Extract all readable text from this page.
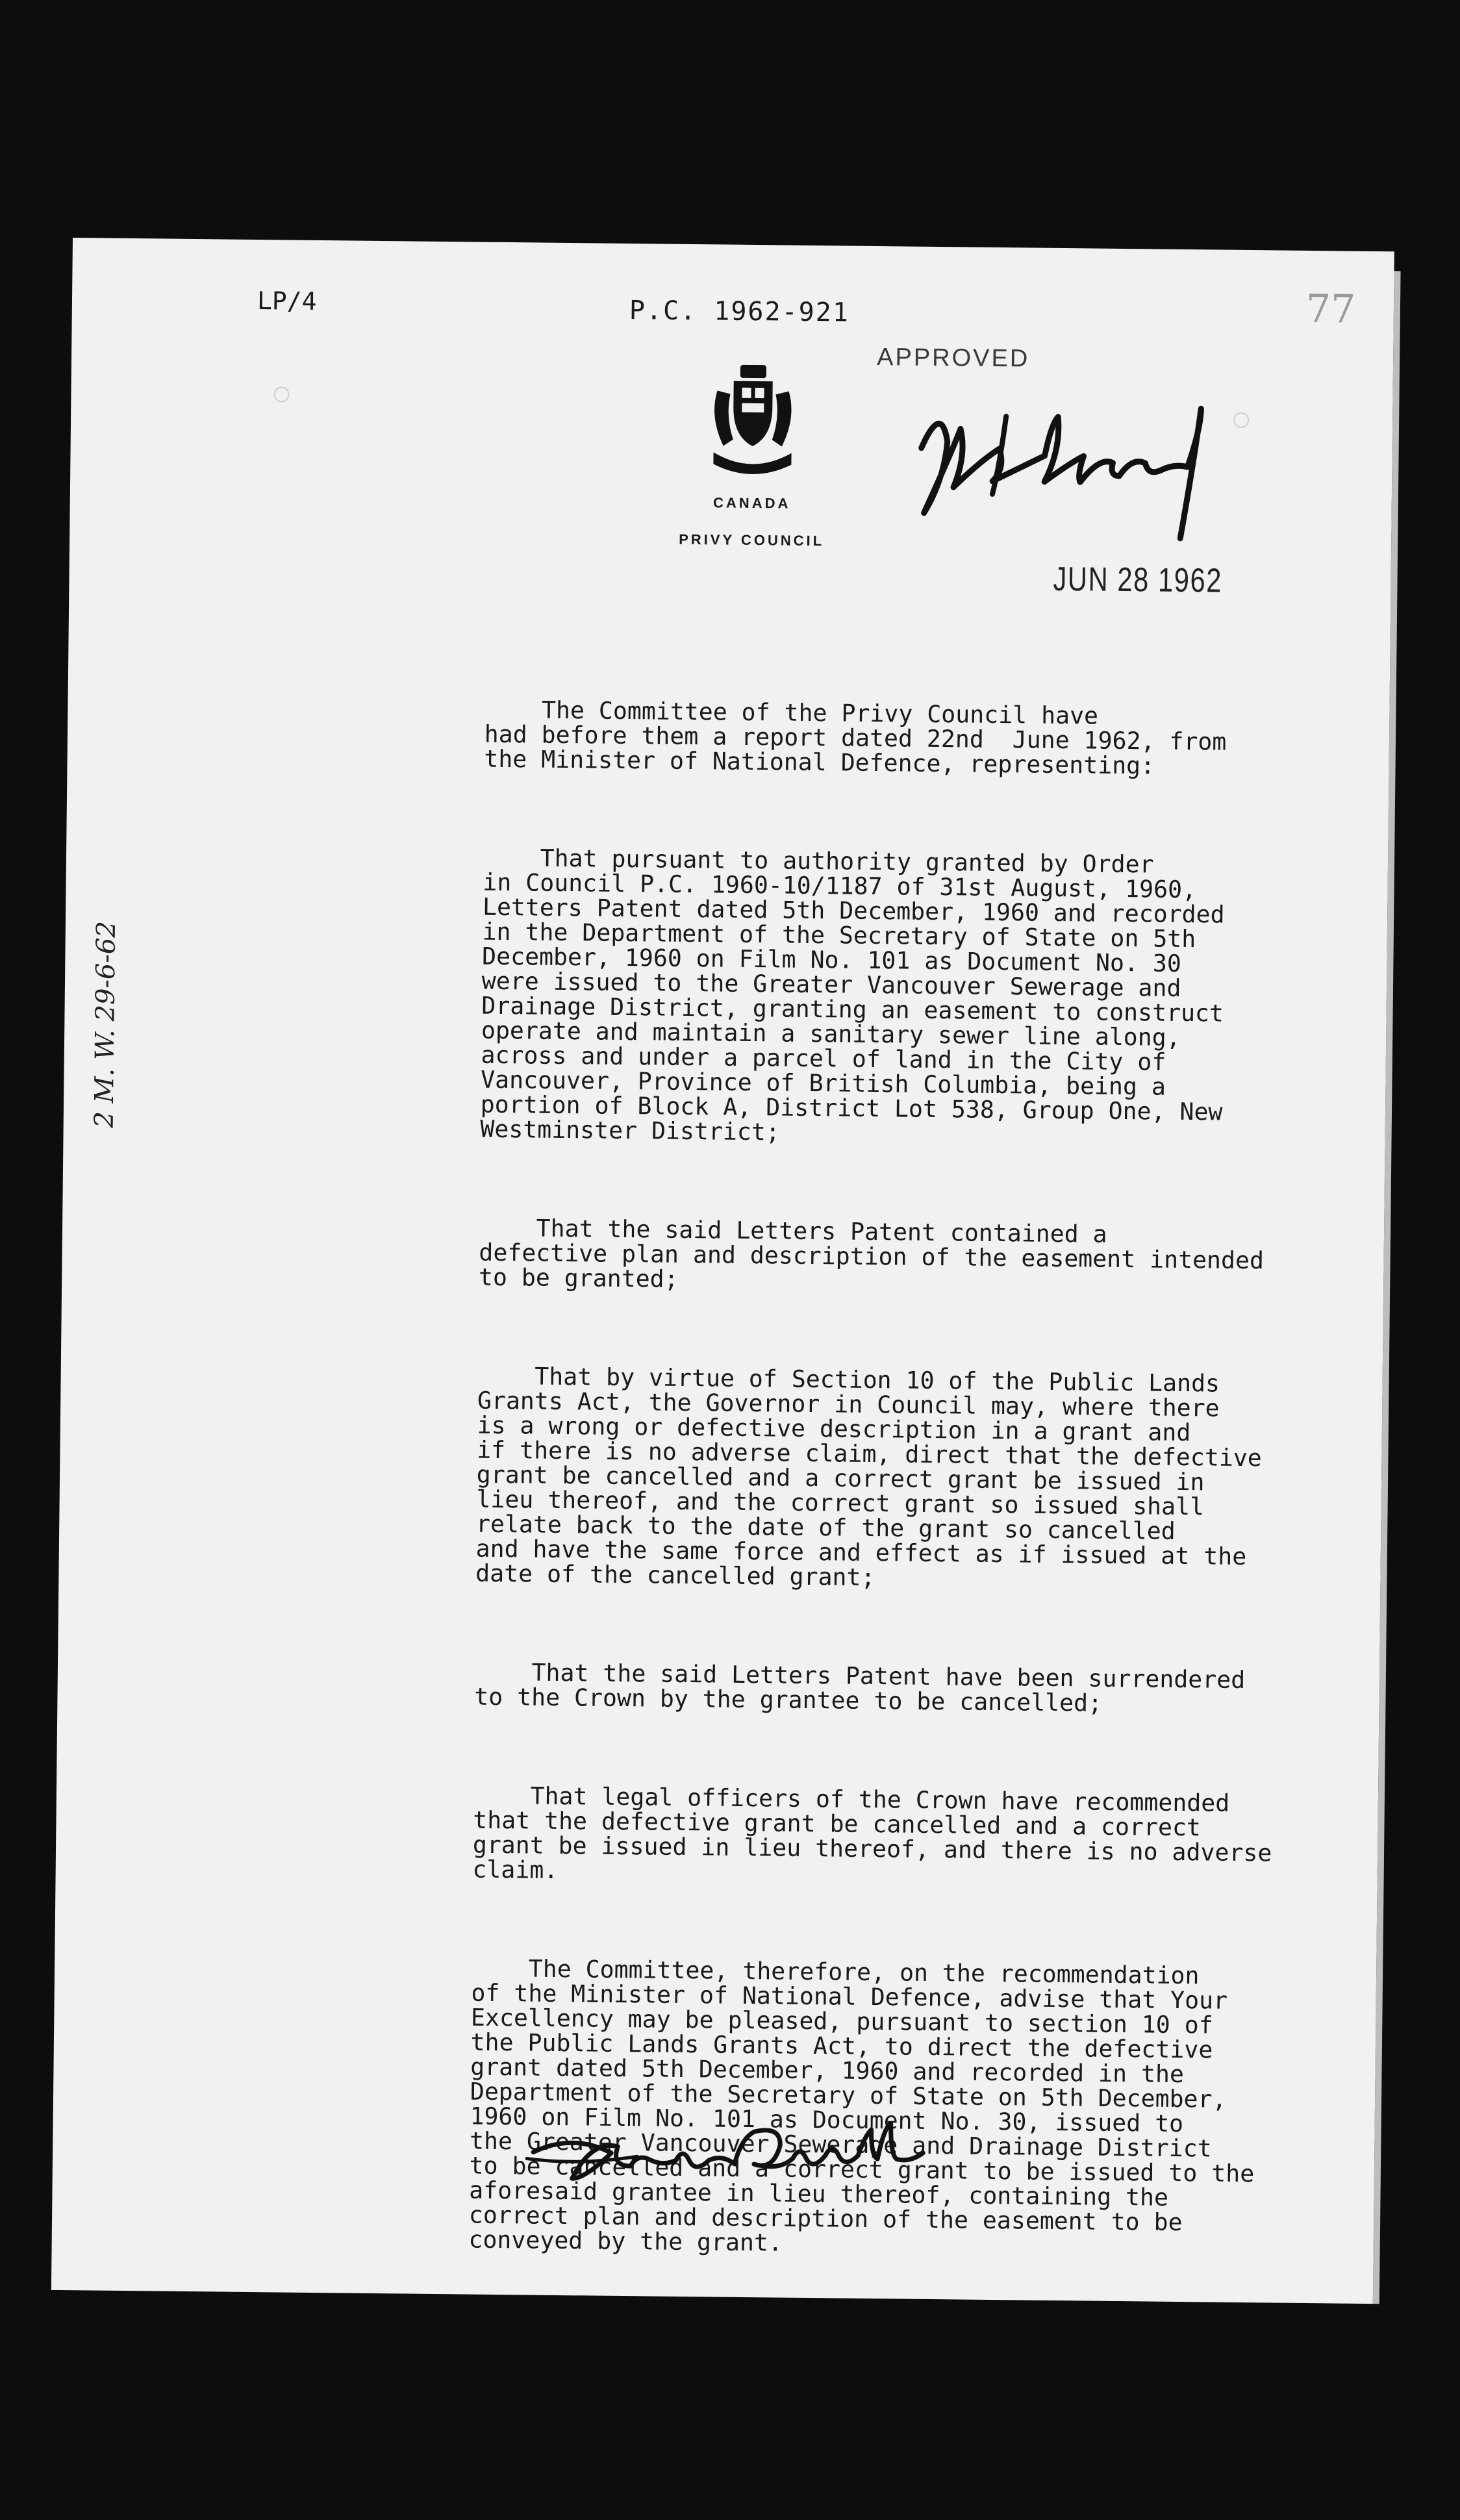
LP/4	P.C. 1962-921	77
CANADA
PRIVY COUNCIL
APPROVED
JUN 28 1962
2 M. W. 29-6-62

The Committee of the Privy Council have
had before them a report dated 22nd  June 1962, from
the Minister of National Defence, representing:

That pursuant to authority granted by Order
in Council P.C. 1960-10/1187 of 31st August, 1960,
Letters Patent dated 5th December, 1960 and recorded
in the Department of the Secretary of State on 5th
December, 1960 on Film No. 101 as Document No. 30
were issued to the Greater Vancouver Sewerage and
Drainage District, granting an easement to construct
operate and maintain a sanitary sewer line along,
across and under a parcel of land in the City of
Vancouver, Province of British Columbia, being a
portion of Block A, District Lot 538, Group One, New
Westminster District;

That the said Letters Patent contained a
defective plan and description of the easement intended
to be granted;

That by virtue of Section 10 of the Public Lands
Grants Act, the Governor in Council may, where there
is a wrong or defective description in a grant and
if there is no adverse claim, direct that the defective
grant be cancelled and a correct grant be issued in
lieu thereof, and the correct grant so issued shall
relate back to the date of the grant so cancelled
and have the same force and effect as if issued at the
date of the cancelled grant;

That the said Letters Patent have been surrendered
to the Crown by the grantee to be cancelled;

That legal officers of the Crown have recommended
that the defective grant be cancelled and a correct
grant be issued in lieu thereof, and there is no adverse
claim.

The Committee, therefore, on the recommendation
of the Minister of National Defence, advise that Your
Excellency may be pleased, pursuant to section 10 of
the Public Lands Grants Act, to direct the defective
grant dated 5th December, 1960 and recorded in the
Department of the Secretary of State on 5th December,
1960 on Film No. 101 as Document No. 30, issued to
the Greater Vancouver Sewerage and Drainage District
to be cancelled and a correct grant to be issued to the
aforesaid grantee in lieu thereof, containing the
correct plan and description of the easement to be
conveyed by the grant.
